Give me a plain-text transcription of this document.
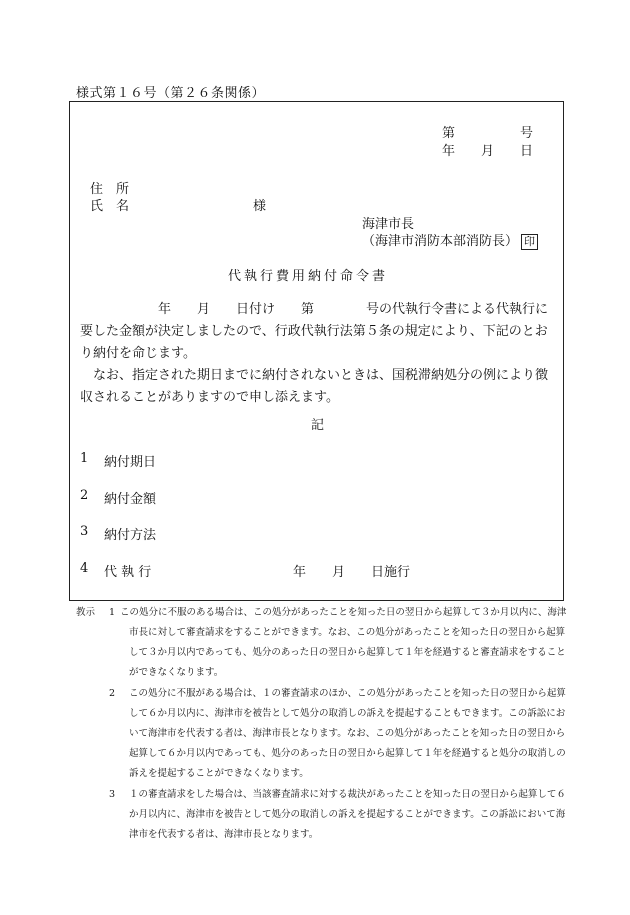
様式第１６号（第２６条関係）
第　　　　　号
年　　月　　日
住　所
氏　名	様
海津市長
（海津市消防本部消防長） 印
代執行費用納付命令書

　　　　　　年　　月　　日付け　　第　　　　号の代執行令書による代執行に要した金額が決定しましたので、行政代執行法第５条の規定により、下記のとおり納付を命じます。

　なお、指定された期日までに納付されないときは、国税滞納処分の例により徴収されることがありますので申し添えます。

記
1 納付期日
2 納付金額
3 納付方法
4 代 執 行	年　　月　　日施行
教示 1 この処分に不服のある場合は、この処分があったことを知った日の翌日から起算して３か月以内に、海津市長に対して審査請求をすることができます。なお、この処分があったことを知った日の翌日から起算して３か月以内であっても、処分のあった日の翌日から起算して１年を経過すると審査請求をすることができなくなります。
2 この処分に不服がある場合は、１の審査請求のほか、この処分があったことを知った日の翌日から起算して６か月以内に、海津市を被告として処分の取消しの訴えを提起することもできます。この訴訟において海津市を代表する者は、海津市長となります。なお、この処分があったことを知った日の翌日から起算して６か月以内であっても、処分のあった日の翌日から起算して１年を経過すると処分の取消しの訴えを提起することができなくなります。
3 １の審査請求をした場合は、当該審査請求に対する裁決があったことを知った日の翌日から起算して６か月以内に、海津市を被告として処分の取消しの訴えを提起することができます。この訴訟において海津市を代表する者は、海津市長となります。
